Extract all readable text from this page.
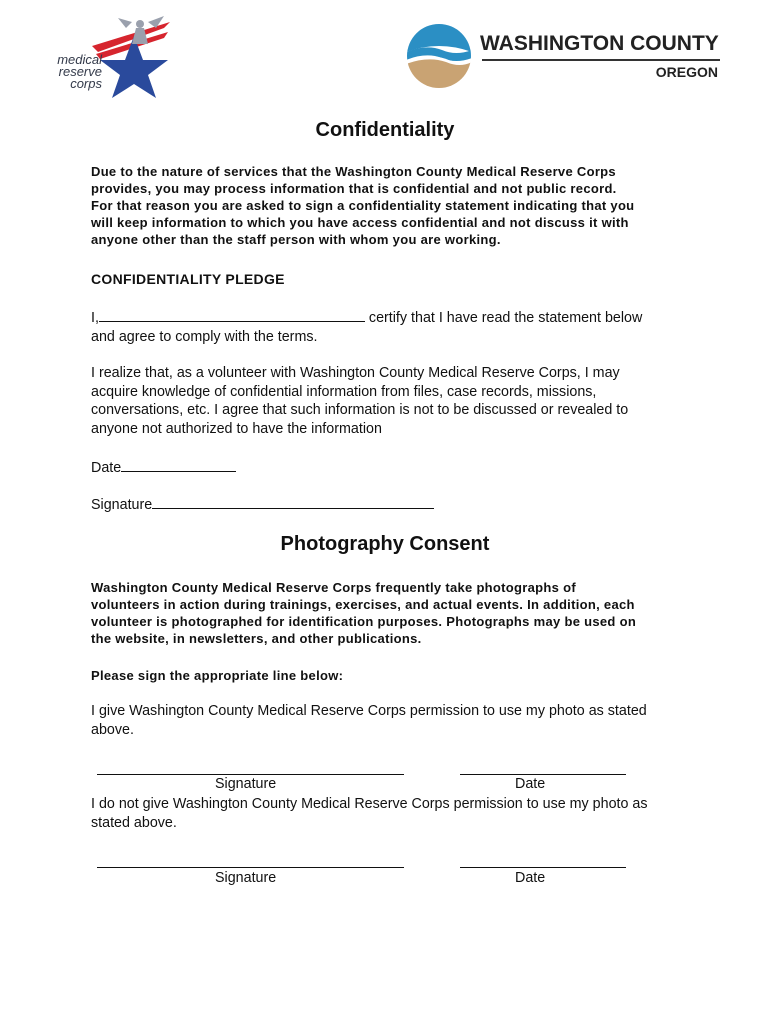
medical
reserve
corps
WASHINGTON COUNTY
OREGON
Confidentiality
Due to the nature of services that the Washington County Medical Reserve Corps
provides, you may process information that is confidential and not public record.
For that reason you are asked to sign a confidentiality statement indicating that you
will keep information to which you have access confidential and not discuss it with
anyone other than the staff person with whom you are working.
CONFIDENTIALITY PLEDGE
I,	certify that I have read the statement below
and agree to comply with the terms.
I realize that, as a volunteer with Washington County Medical Reserve Corps, I may
acquire knowledge of confidential information from files, case records, missions,
conversations, etc. I agree that such information is not to be discussed or revealed to
anyone not authorized to have the information
Date
Signature
Photography Consent
Washington County Medical Reserve Corps frequently take photographs of
volunteers in action during trainings, exercises, and actual events. In addition, each
volunteer is photographed for identification purposes. Photographs may be used on
the website, in newsletters, and other publications.
Please sign the appropriate line below:
I give Washington County Medical Reserve Corps permission to use my photo as stated
above.
Signature	Date
I do not give Washington County Medical Reserve Corps permission to use my photo as
stated above.
Signature	Date
